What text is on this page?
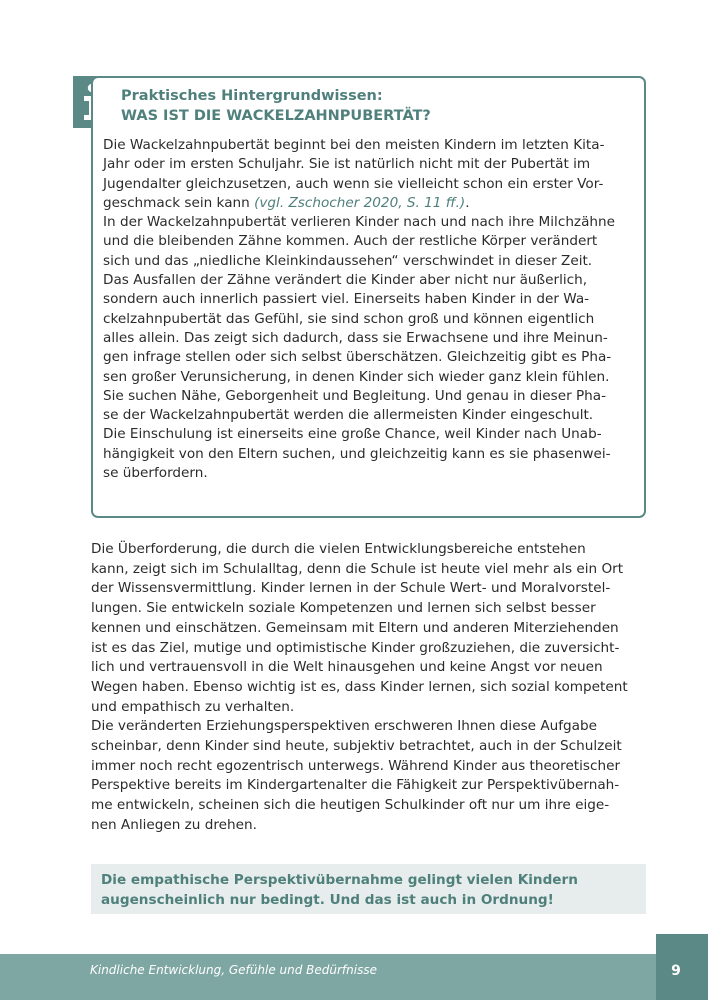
Praktisches Hintergrundwissen:
WAS IST DIE WACKELZAHNPUBERTÄT?
Die Wackelzahnpubertät beginnt bei den meisten Kindern im letzten Kita-
Jahr oder im ersten Schuljahr. Sie ist natürlich nicht mit der Pubertät im
Jugendalter gleichzusetzen, auch wenn sie vielleicht schon ein erster Vor-
geschmack sein kann (vgl. Zschocher 2020, S. 11 ff.).
In der Wackelzahnpubertät verlieren Kinder nach und nach ihre Milchzähne
und die bleibenden Zähne kommen. Auch der restliche Körper verändert
sich und das „niedliche Kleinkindaussehen“ verschwindet in dieser Zeit.
Das Ausfallen der Zähne verändert die Kinder aber nicht nur äußerlich,
sondern auch innerlich passiert viel. Einerseits haben Kinder in der Wa-
ckelzahnpubertät das Gefühl, sie sind schon groß und können eigentlich
alles allein. Das zeigt sich dadurch, dass sie Erwachsene und ihre Meinun-
gen infrage stellen oder sich selbst überschätzen. Gleichzeitig gibt es Pha-
sen großer Verunsicherung, in denen Kinder sich wieder ganz klein fühlen.
Sie suchen Nähe, Geborgenheit und Begleitung. Und genau in dieser Pha-
se der Wackelzahnpubertät werden die allermeisten Kinder eingeschult.
Die Einschulung ist einerseits eine große Chance, weil Kinder nach Unab-
hängigkeit von den Eltern suchen, und gleichzeitig kann es sie phasenwei-
se überfordern.
Die Überforderung, die durch die vielen Entwicklungsbereiche entstehen
kann, zeigt sich im Schulalltag, denn die Schule ist heute viel mehr als ein Ort
der Wissensvermittlung. Kinder lernen in der Schule Wert- und Moralvorstel-
lungen. Sie entwickeln soziale Kompetenzen und lernen sich selbst besser
kennen und einschätzen. Gemeinsam mit Eltern und anderen Miterziehenden
ist es das Ziel, mutige und optimistische Kinder großzuziehen, die zuversicht-
lich und vertrauensvoll in die Welt hinausgehen und keine Angst vor neuen
Wegen haben. Ebenso wichtig ist es, dass Kinder lernen, sich sozial kompetent
und empathisch zu verhalten.
Die veränderten Erziehungsperspektiven erschweren Ihnen diese Aufgabe
scheinbar, denn Kinder sind heute, subjektiv betrachtet, auch in der Schulzeit
immer noch recht egozentrisch unterwegs. Während Kinder aus theoretischer
Perspektive bereits im Kindergartenalter die Fähigkeit zur Perspektivübernah-
me entwickeln, scheinen sich die heutigen Schulkinder oft nur um ihre eige-
nen Anliegen zu drehen.
Die empathische Perspektivübernahme gelingt vielen Kindern
augenscheinlich nur bedingt. Und das ist auch in Ordnung!
Kindliche Entwicklung, Gefühle und Bedürfnisse	9
